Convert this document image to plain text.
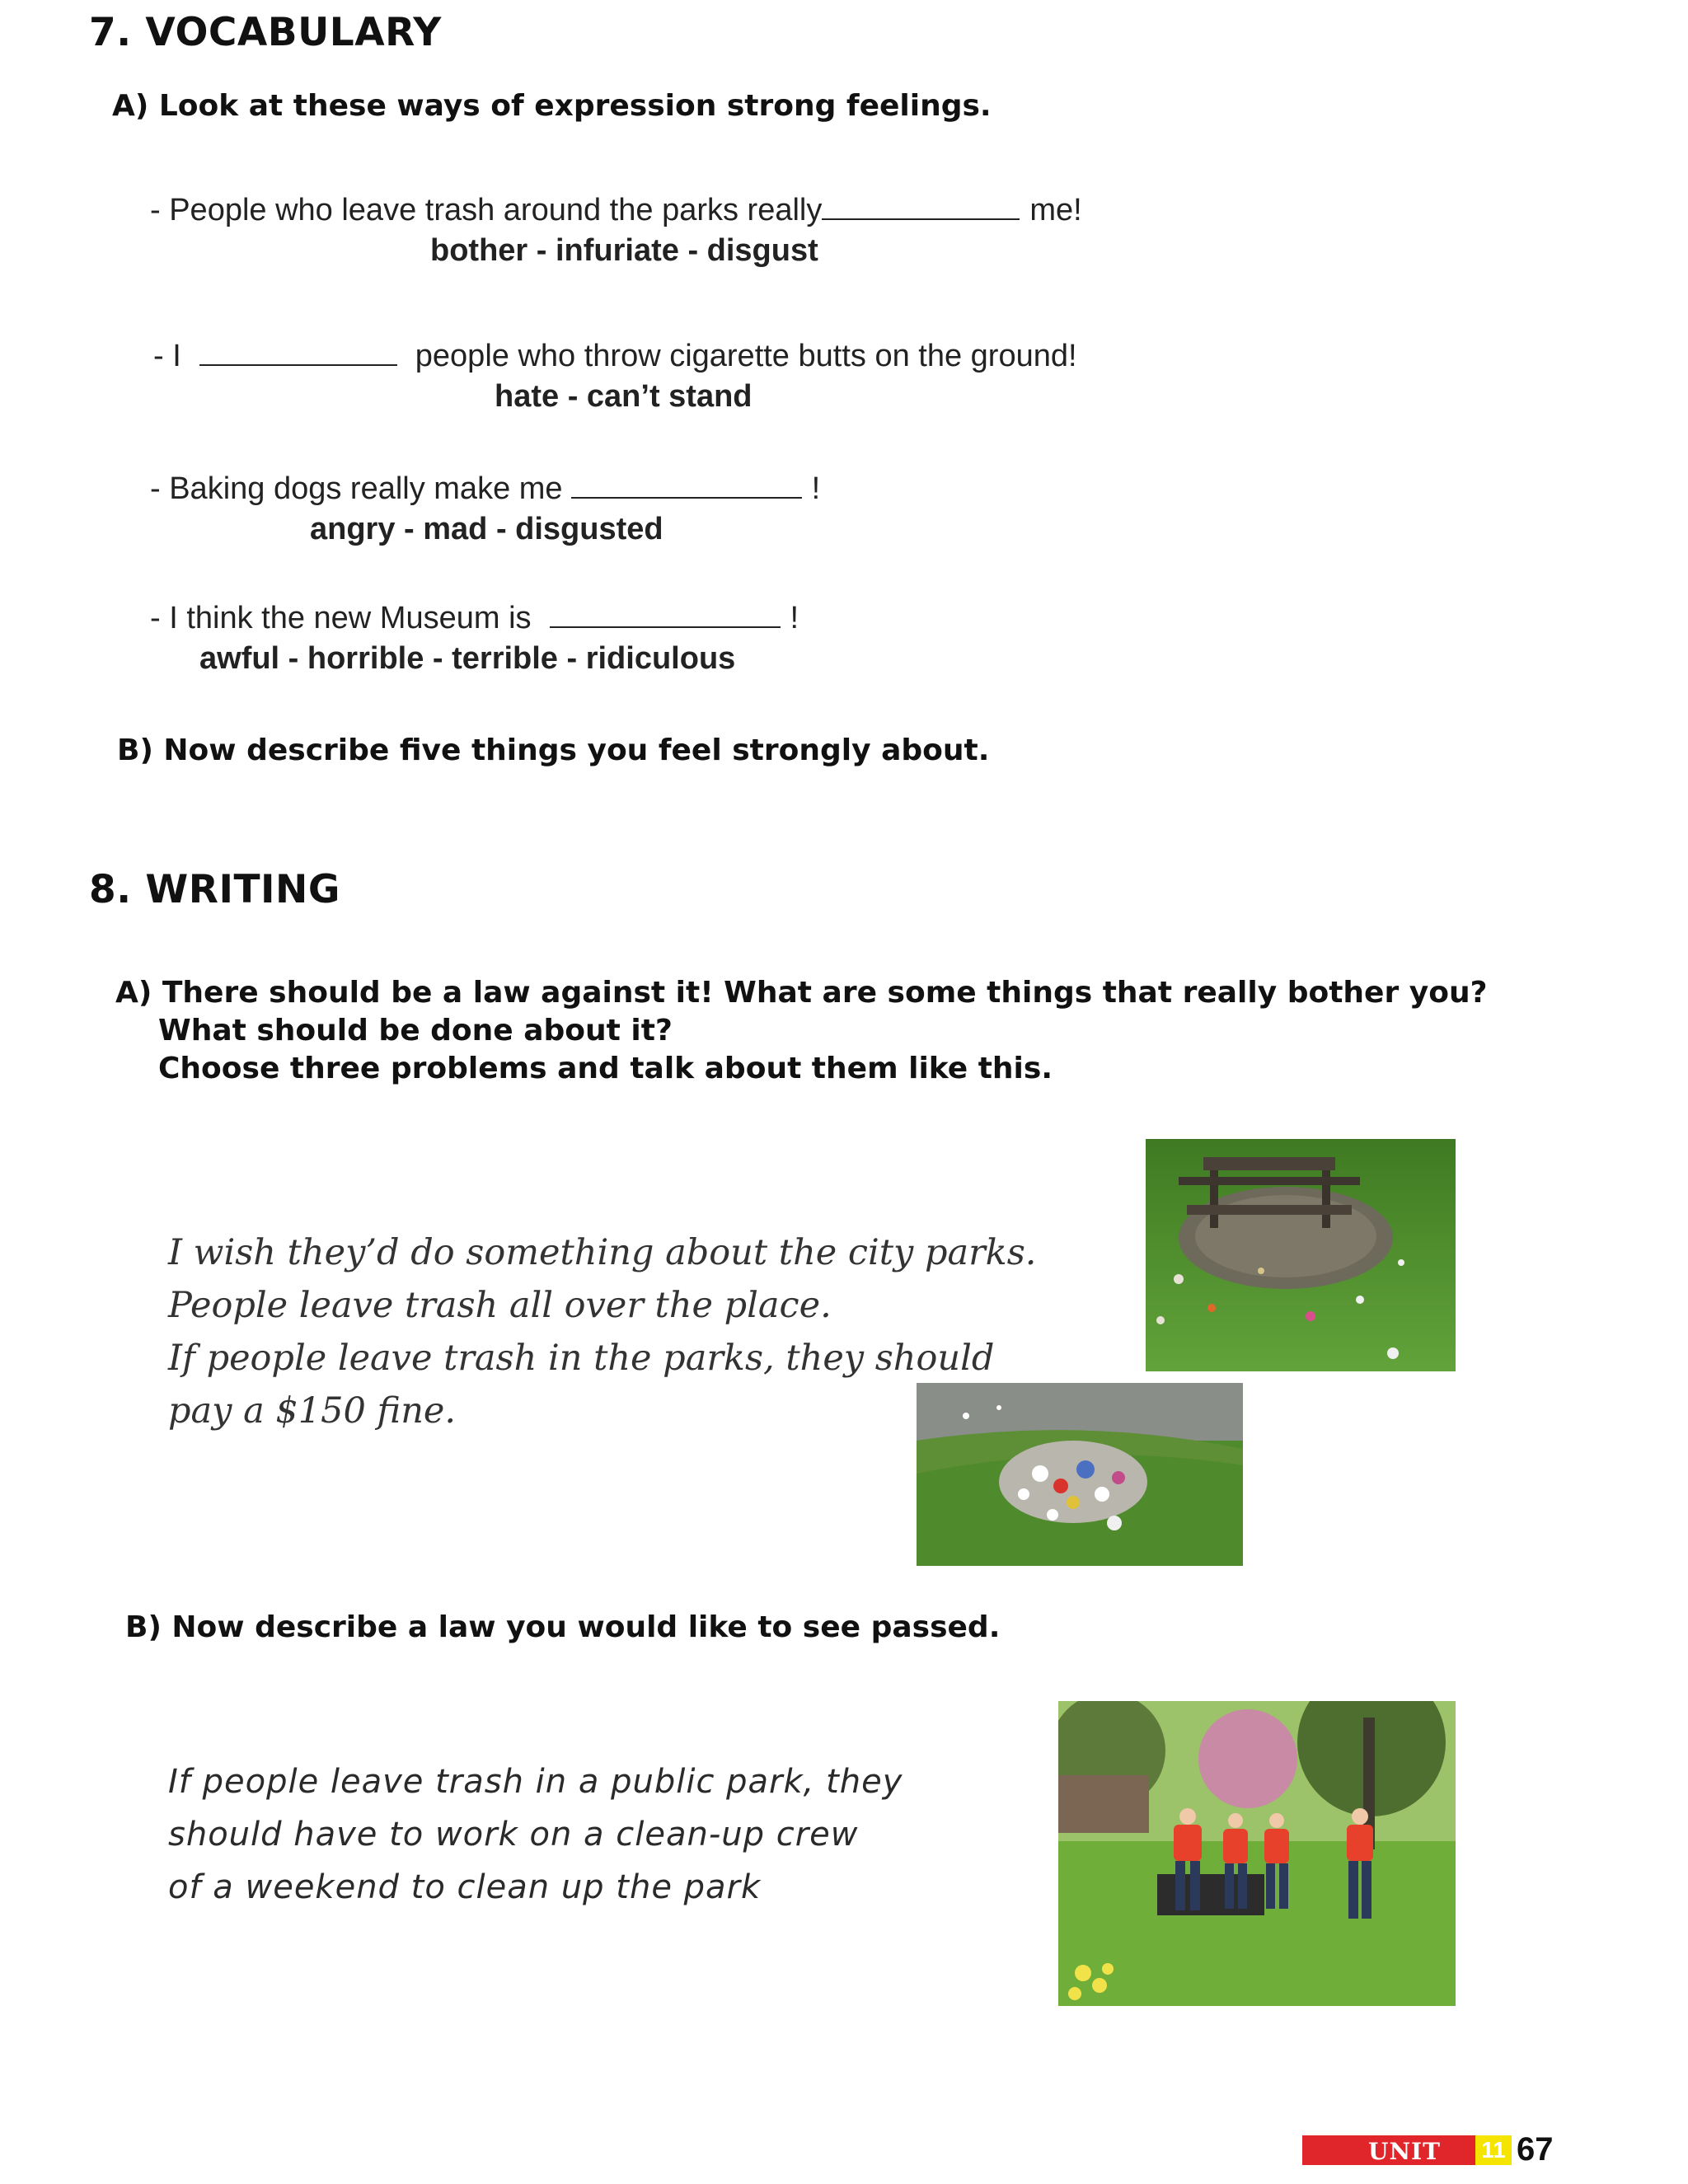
7. VOCABULARY
A) Look at these ways of expression strong feelings.
- People who leave trash around the parks really	me!
bother - infuriate - disgust
- I	people who throw cigarette butts on the ground!
hate - can’t stand
- Baking dogs really make me	!
angry - mad - disgusted
- I think the new Museum is	!
awful - horrible - terrible - ridiculous
B) Now describe five things you feel strongly about.
8. WRITING
A) There should be a law against it! What are some things that really bother you?
What should be done about it?
Choose three problems and talk about them like this.
I wish they’d do something about the city parks.
People leave trash all over the place.
If people leave trash in the parks, they should
pay a $150 fine.
B) Now describe a law you would like to see passed.
If people leave trash in a public park, they
should have to work on a clean-up crew
of a weekend to clean up the park
UNIT 11 67
